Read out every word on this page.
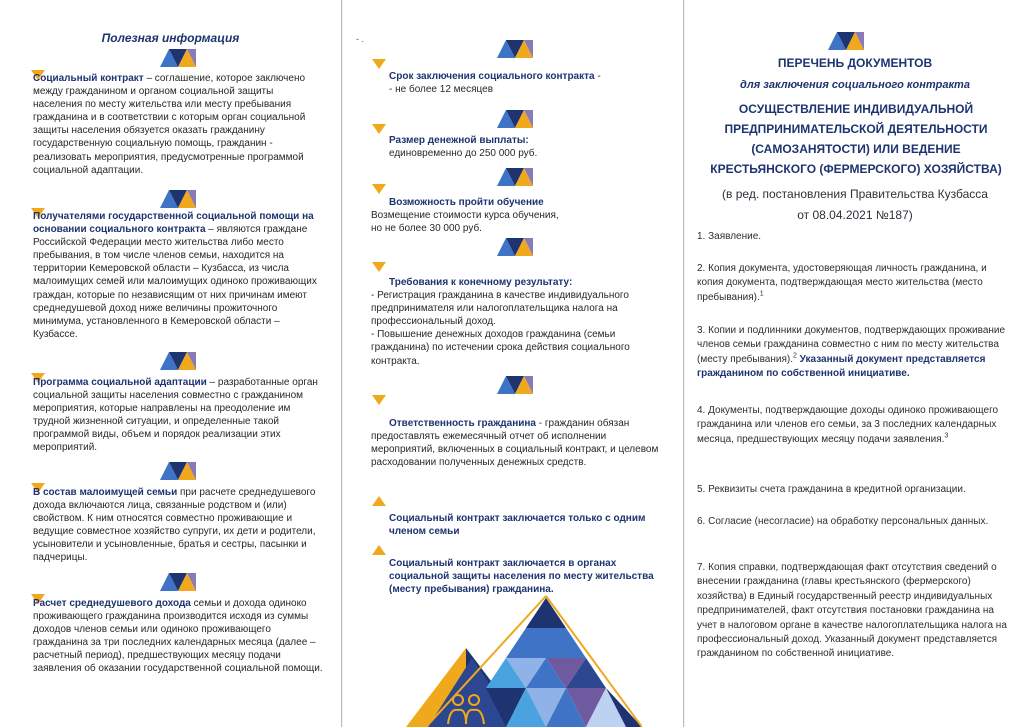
Полезная информация
Социальный контракт – соглашение, которое заключено между гражданином и органом социальной защиты населения по месту жительства или месту пребывания гражданина и в соответствии с которым орган социальной защиты населения обязуется оказать гражданину государственную социальную помощь, гражданин - реализовать мероприятия, предусмотренные программой социальной адаптации.
Получателями государственной социальной помощи на основании социального контракта – являются граждане Российской Федерации место жительства либо место пребывания, в том числе членов семьи, находится на территории Кемеровской области – Кузбасса, из числа малоимущих семей или малоимущих одиноко проживающих граждан, которые по независящим от них причинам имеют среднедушевой доход ниже величины прожиточного минимума, установленного в Кемеровской области – Кузбассе.
Программа социальной адаптации – разработанные орган социальной защиты населения совместно с гражданином мероприятия, которые направлены на преодоление им трудной жизненной ситуации, и определенные такой программой виды, объем и порядок реализации этих мероприятий.
В состав малоимущей семьи при расчете среднедушевого дохода включаются лица, связанные родством и (или) свойством. К ним относятся совместно проживающие и ведущие совместное хозяйство супруги, их дети и родители, усыновители и усыновленные, братья и сестры, пасынки и падчерицы.
Расчет среднедушевого дохода семьи и дохода одиноко проживающего гражданина производится исходя из суммы доходов членов семьи или одиноко проживающего гражданина за три последних календарных месяца (далее – расчетный период), предшествующих месяцу подачи заявления об оказании государственной социальной помощи.
- .
Срок заключения социального контракта -
- не более 12 месяцев
Размер денежной выплаты:
единовременно до 250 000 руб.
Возможность пройти обучение
Возмещение стоимости курса обучения, но не более 30 000 руб.
Требования к конечному результату:
- Регистрация гражданина в качестве индивидуального предпринимателя или налогоплательщика налога на профессиональный доход.
- Повышение денежных доходов гражданина (семьи гражданина) по истечении срока действия социального контракта.
Ответственность гражданина - гражданин обязан предоставлять ежемесячный отчет об исполнении мероприятий, включенных в социальный контракт, и целевом расходовании полученных денежных средств.
Социальный контракт заключается только с одним членом семьи
Социальный контракт заключается в органах социальной защиты населения по месту жительства (месту пребывания) гражданина.
ПЕРЕЧЕНЬ ДОКУМЕНТОВ
для заключения социального контракта
ОСУЩЕСТВЛЕНИЕ ИНДИВИДУАЛЬНОЙ ПРЕДПРИНИМАТЕЛЬСКОЙ ДЕЯТЕЛЬНОСТИ (САМОЗАНЯТОСТИ) ИЛИ ВЕДЕНИЕ КРЕСТЬЯНСКОГО (ФЕРМЕРСКОГО) ХОЗЯЙСТВА)
(в ред. постановления Правительства Кузбасса
от 08.04.2021 №187)
1. Заявление.
2. Копия документа, удостоверяющая личность гражданина, и копия документа, подтверждающая место жительства (место пребывания).$^1$
3. Копии и подлинники документов, подтверждающих проживание членов семьи гражданина совместно с ним по месту жительства (месту пребывания).$^2$ Указанный документ представляется гражданином по собственной инициативе.
4. Документы, подтверждающие доходы одиноко проживающего гражданина или членов его семьи, за 3 последних календарных месяца, предшествующих месяцу подачи заявления.$^3$
5. Реквизиты счета гражданина в кредитной организации.
6. Согласие (несогласие) на обработку персональных данных.
7. Копия справки, подтверждающая факт отсутствия сведений о внесении гражданина (главы крестьянского (фермерского) хозяйства) в Единый государственный реестр индивидуальных предпринимателей, факт отсутствия постановки гражданина на учет в налоговом органе в качестве налогоплательщика налога на профессиональный доход. Указанный документ представляется гражданином по собственной инициативе.
